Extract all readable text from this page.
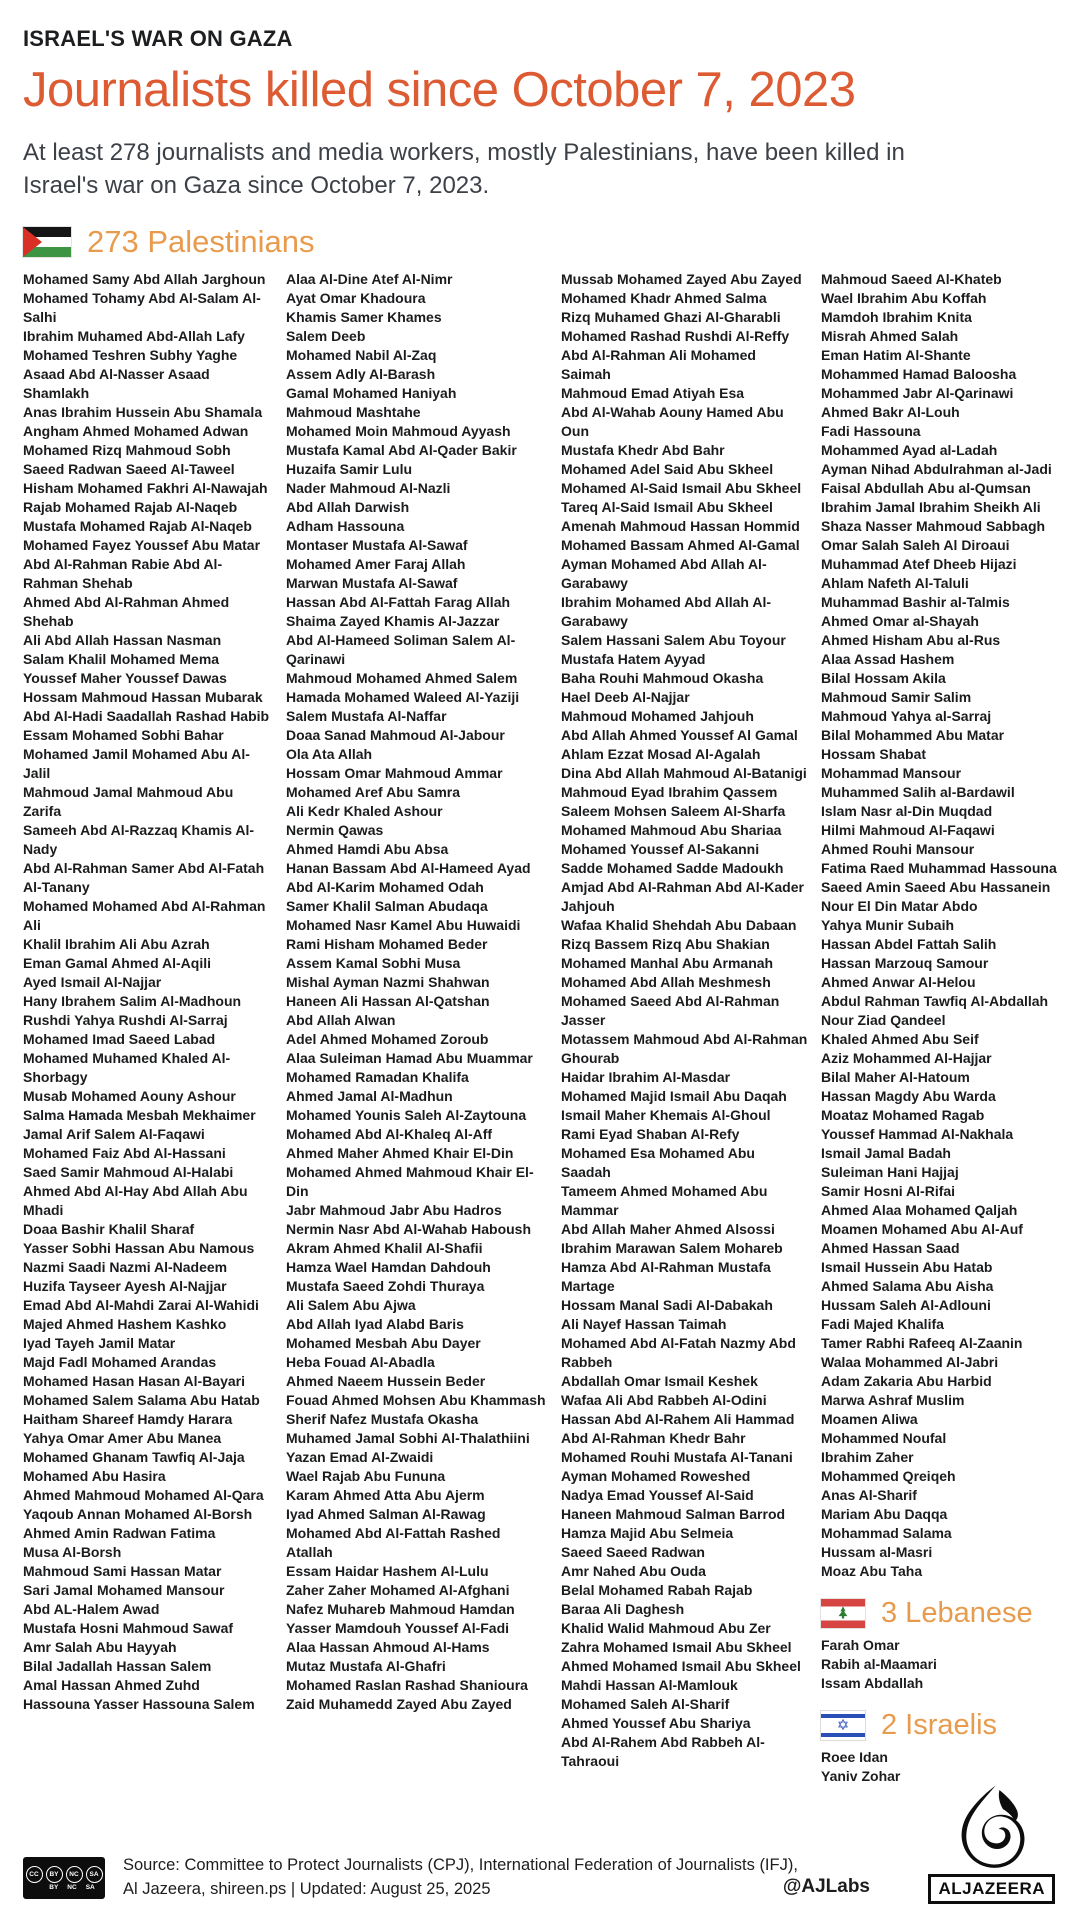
ISRAEL'S WAR ON GAZA
Journalists killed since October 7, 2023

At least 278 journalists and media workers, mostly Palestinians, have been killed in Israel's war on Gaza since October 7, 2023.

273 Palestinians
Mohamed Samy Abd Allah Jarghoun
Mohamed Tohamy Abd Al-Salam Al-Salhi
Ibrahim Muhamed Abd-Allah Lafy
Mohamed Teshren Subhy Yaghe
Asaad Abd Al-Nasser Asaad Shamlakh
Anas Ibrahim Hussein Abu Shamala
Angham Ahmed Mohamed Adwan
Mohamed Rizq Mahmoud Sobh
Saeed Radwan Saeed Al-Taweel
Hisham Mohamed Fakhri Al-Nawajah
Rajab Mohamed Rajab Al-Naqeb
Mustafa Mohamed Rajab Al-Naqeb
Mohamed Fayez Youssef Abu Matar
Abd Al-Rahman Rabie Abd Al-Rahman Shehab
Ahmed Abd Al-Rahman Ahmed Shehab
Ali Abd Allah Hassan Nasman
Salam Khalil Mohamed Mema
Youssef Maher Youssef Dawas
Hossam Mahmoud Hassan Mubarak
Abd Al-Hadi Saadallah Rashad Habib
Essam Mohamed Sobhi Bahar
Mohamed Jamil Mohamed Abu Al-Jalil
Mahmoud Jamal Mahmoud Abu Zarifa
Sameeh Abd Al-Razzaq Khamis Al-Nady
Abd Al-Rahman Samer Abd Al-Fatah Al-Tanany
Mohamed Mohamed Abd Al-Rahman Ali
Khalil Ibrahim Ali Abu Azrah
Eman Gamal Ahmed Al-Aqili
Ayed Ismail Al-Najjar
Hany Ibrahem Salim Al-Madhoun
Rushdi Yahya Rushdi Al-Sarraj
Mohamed Imad Saeed Labad
Mohamed Muhamed Khaled Al-Shorbagy
Musab Mohamed Aouny Ashour
Salma Hamada Mesbah Mekhaimer
Jamal Arif Salem Al-Faqawi
Mohamed Faiz Abd Al-Hassani
Saed Samir Mahmoud Al-Halabi
Ahmed Abd Al-Hay Abd Allah Abu Mhadi
Doaa Bashir Khalil Sharaf
Yasser Sobhi Hassan Abu Namous
Nazmi Saadi Nazmi Al-Nadeem
Huzifa Tayseer Ayesh Al-Najjar
Emad Abd Al-Mahdi Zarai Al-Wahidi
Majed Ahmed Hashem Kashko
Iyad Tayeh Jamil Matar
Majd Fadl Mohamed Arandas
Mohamed Hasan Hasan Al-Bayari
Mohamed Salem Salama Abu Hatab
Haitham Shareef Hamdy Harara
Yahya Omar Amer Abu Manea
Mohamed Ghanam Tawfiq Al-Jaja
Mohamed Abu Hasira
Ahmed Mahmoud Mohamed Al-Qara
Yaqoub Annan Mohamed Al-Borsh
Ahmed Amin Radwan Fatima
Musa Al-Borsh
Mahmoud Sami Hassan Matar
Sari Jamal Mohamed Mansour
Abd AL-Halem Awad
Mustafa Hosni Mahmoud Sawaf
Amr Salah Abu Hayyah
Bilal Jadallah Hassan Salem
Amal Hassan Ahmed Zuhd
Hassouna Yasser Hassouna Salem
Alaa Al-Dine Atef Al-Nimr
Ayat Omar Khadoura
Khamis Samer Khames
Salem Deeb
Mohamed Nabil Al-Zaq
Assem Adly Al-Barash
Gamal Mohamed Haniyah
Mahmoud Mashtahe
Mohamed Moin Mahmoud Ayyash
Mustafa Kamal Abd Al-Qader Bakir
Huzaifa Samir Lulu
Nader Mahmoud Al-Nazli
Abd Allah Darwish
Adham Hassouna
Montaser Mustafa Al-Sawaf
Mohamed Amer Faraj Allah
Marwan Mustafa Al-Sawaf
Hassan Abd Al-Fattah Farag Allah
Shaima Zayed Khamis Al-Jazzar
Abd Al-Hameed Soliman Salem Al-Qarinawi
Mahmoud Mohamed Ahmed Salem
Hamada Mohamed Waleed Al-Yaziji
Salem Mustafa Al-Naffar
Doaa Sanad Mahmoud Al-Jabour
Ola Ata Allah
Hossam Omar Mahmoud Ammar
Mohamed Aref Abu Samra
Ali Kedr Khaled Ashour
Nermin Qawas
Ahmed Hamdi Abu Absa
Hanan Bassam Abd Al-Hameed Ayad
Abd Al-Karim Mohamed Odah
Samer Khalil Salman Abudaqa
Mohamed Nasr Kamel Abu Huwaidi
Rami Hisham Mohamed Beder
Assem Kamal Sobhi Musa
Mishal Ayman Nazmi Shahwan
Haneen Ali Hassan Al-Qatshan
Abd Allah Alwan
Adel Ahmed Mohamed Zoroub
Alaa Suleiman Hamad Abu Muammar
Mohamed Ramadan Khalifa
Ahmed Jamal Al-Madhun
Mohamed Younis Saleh Al-Zaytouna
Mohamed Abd Al-Khaleq Al-Aff
Ahmed Maher Ahmed Khair El-Din
Mohamed Ahmed Mahmoud Khair El-Din
Jabr Mahmoud Jabr Abu Hadros
Nermin Nasr Abd Al-Wahab Haboush
Akram Ahmed Khalil Al-Shafii
Hamza Wael Hamdan Dahdouh
Mustafa Saeed Zohdi Thuraya
Ali Salem Abu Ajwa
Abd Allah Iyad Alabd Baris
Mohamed Mesbah Abu Dayer
Heba Fouad Al-Abadla
Ahmed Naeem Hussein Beder
Fouad Ahmed Mohsen Abu Khammash
Sherif Nafez Mustafa Okasha
Muhamed Jamal Sobhi Al-Thalathiini
Yazan Emad Al-Zwaidi
Wael Rajab Abu Fununa
Karam Ahmed Atta Abu Ajerm
Iyad Ahmed Salman Al-Rawag
Mohamed Abd Al-Fattah Rashed Atallah
Essam Haidar Hashem Al-Lulu
Zaher Zaher Mohamed Al-Afghani
Nafez Muhareb Mahmoud Hamdan
Yasser Mamdouh Youssef Al-Fadi
Alaa Hassan Ahmoud Al-Hams
Mutaz Mustafa Al-Ghafri
Mohamed Raslan Rashad Shanioura
Zaid Muhamedd Zayed Abu Zayed
Mussab Mohamed Zayed Abu Zayed
Mohamed Khadr Ahmed Salma
Rizq Muhamed Ghazi Al-Gharabli
Mohamed Rashad Rushdi Al-Reffy
Abd Al-Rahman Ali Mohamed Saimah
Mahmoud Emad Atiyah Esa
Abd Al-Wahab Aouny Hamed Abu Oun
Mustafa Khedr Abd Bahr
Mohamed Adel Said Abu Skheel
Mohamed Al-Said Ismail Abu Skheel
Tareq Al-Said Ismail Abu Skheel
Amenah Mahmoud Hassan Hommid
Mohamed Bassam Ahmed Al-Gamal
Ayman Mohamed Abd Allah Al-Garabawy
Ibrahim Mohamed Abd Allah Al-Garabawy
Salem Hassani Salem Abu Toyour
Mustafa Hatem Ayyad
Baha Rouhi Mahmoud Okasha
Hael Deeb Al-Najjar
Mahmoud Mohamed Jahjouh
Abd Allah Ahmed Youssef Al Gamal
Ahlam Ezzat Mosad Al-Agalah
Dina Abd Allah Mahmoud Al-Batanigi
Mahmoud Eyad Ibrahim Qassem
Saleem Mohsen Saleem Al-Sharfa
Mohamed Mahmoud Abu Shariaa
Mohamed Youssef Al-Sakanni
Sadde Mohamed Sadde Madoukh
Amjad Abd Al-Rahman Abd Al-Kader Jahjouh
Wafaa Khalid Shehdah Abu Dabaan
Rizq Bassem Rizq Abu Shakian
Mohamed Manhal Abu Armanah
Mohamed Abd Allah Meshmesh
Mohamed Saeed Abd Al-Rahman Jasser
Motassem Mahmoud Abd Al-Rahman Ghourab
Haidar Ibrahim Al-Masdar
Mohamed Majid Ismail Abu Daqah
Ismail Maher Khemais Al-Ghoul
Rami Eyad Shaban Al-Refy
Mohamed Esa Mohamed Abu Saadah
Tameem Ahmed Mohamed Abu Mammar
Abd Allah Maher Ahmed Alsossi
Ibrahim Marawan Salem Mohareb
Hamza Abd Al-Rahman Mustafa Martage
Hossam Manal Sadi Al-Dabakah
Ali Nayef Hassan Taimah
Mohamed Abd Al-Fatah Nazmy Abd Rabbeh
Abdallah Omar Ismail Keshek
Wafaa Ali Abd Rabbeh Al-Odini
Hassan Abd Al-Rahem Ali Hammad
Abd Al-Rahman Khedr Bahr
Mohamed Rouhi Mustafa Al-Tanani
Ayman Mohamed Roweshed
Nadya Emad Youssef Al-Said
Haneen Mahmoud Salman Barrod
Hamza Majid Abu Selmeia
Saeed Saeed Radwan
Amr Nahed Abu Ouda
Belal Mohamed Rabah Rajab
Baraa Ali Daghesh
Khalid Walid Mahmoud Abu Zer
Zahra Mohamed Ismail Abu Skheel
Ahmed Mohamed Ismail Abu Skheel
Mahdi Hassan Al-Mamlouk
Mohamed Saleh Al-Sharif
Ahmed Youssef Abu Shariya
Abd Al-Rahem Abd Rabbeh Al-Tahraoui
Mahmoud Saeed Al-Khateb
Wael Ibrahim Abu Koffah
Mamdoh Ibrahim Knita
Misrah Ahmed Salah
Eman Hatim Al-Shante
Mohammed Hamad Baloosha
Mohammed Jabr Al-Qarinawi
Ahmed Bakr Al-Louh
Fadi Hassouna
Mohammed Ayad al-Ladah
Ayman Nihad Abdulrahman al-Jadi
Faisal Abdullah Abu al-Qumsan
Ibrahim Jamal Ibrahim Sheikh Ali
Shaza Nasser Mahmoud Sabbagh
Omar Salah Saleh Al Diroaui
Muhammad Atef Dheeb Hijazi
Ahlam Nafeth Al-Taluli
Muhammad Bashir al-Talmis
Ahmed Omar al-Shayah
Ahmed Hisham Abu al-Rus
Alaa Assad Hashem
Bilal Hossam Akila
Mahmoud Samir Salim
Mahmoud Yahya al-Sarraj
Bilal Mohammed Abu Matar
Hossam Shabat
Mohammad Mansour
Muhammed Salih al-Bardawil
Islam Nasr al-Din Muqdad
Hilmi Mahmoud Al-Faqawi
Ahmed Rouhi Mansour
Fatima Raed Muhammad Hassouna
Saeed Amin Saeed Abu Hassanein
Nour El Din Matar Abdo
Yahya Munir Subaih
Hassan Abdel Fattah Salih
Hassan Marzouq Samour
Ahmed Anwar Al-Helou
Abdul Rahman Tawfiq Al-Abdallah
Nour Ziad Qandeel
Khaled Ahmed Abu Seif
Aziz Mohammed Al-Hajjar
Bilal Maher Al-Hatoum
Hassan Magdy Abu Warda
Moataz Mohamed Ragab
Youssef Hammad Al-Nakhala
Ismail Jamal Badah
Suleiman Hani Hajjaj
Samir Hosni Al-Rifai
Ahmed Alaa Mohamed Qaljah
Moamen Mohamed Abu Al-Auf
Ahmed Hassan Saad
Ismail Hussein Abu Hatab
Ahmed Salama Abu Aisha
Hussam Saleh Al-Adlouni
Fadi Majed Khalifa
Tamer Rabhi Rafeeq Al-Zaanin
Walaa Mohammed Al-Jabri
Adam Zakaria Abu Harbid
Marwa Ashraf Muslim
Moamen Aliwa
Mohammed Noufal
Ibrahim Zaher
Mohammed Qreiqeh
Anas Al-Sharif
Mariam Abu Daqqa
Mohammad Salama
Hussam al-Masri
Moaz Abu Taha
3 Lebanese
Farah Omar
Rabih al-Maamari
Issam Abdallah
✡ 2 Israelis
Roee Idan
Yaniv Zohar
CC	BY	NC	SA
BY NC SA
Source: Committee to Protect Journalists (CPJ), International Federation of Journalists (IFJ),
Al Jazeera, shireen.ps | Updated: August 25, 2025	@AJLabs	ALJAZEERA
